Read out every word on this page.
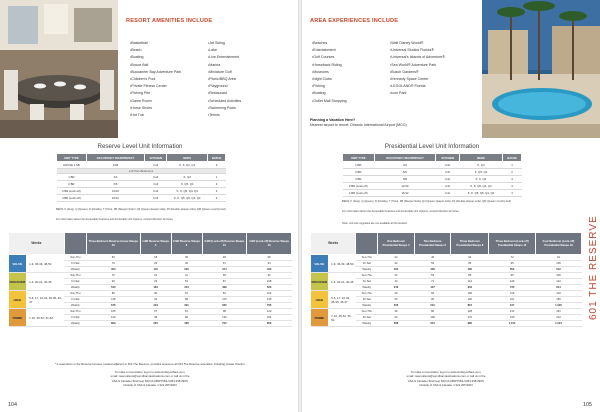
RESORT AMENITIES INCLUDE
• Basketball
• Beach
• Boating
• Bocce Ball
• Buccaneer Bay Adventure Park
• Children's Pool
• Private Fitness Center
• Fishing Pier
• Game Room
• Horse Shoes
• Hot Tub
• Jet Skiing
• Lake
• Live Entertainment
• Marina
• Miniature Golf
• Picnic/BBQ Area
• Playground
• Restaurant
• Scheduled Activities
• Swimming Pools
• Tennis
Reserve Level Unit Information
UNIT TYPE	OCCUPANCY MAX/PRIVACY	KITCHEN	BEDS	BATHS
HOUSE 1 SB	10/8	Full	K, K, Q1, Q1	3
Loft Plus Bedrooms				
1 BR	4/4	Full	K, Q4	1
2 BR	6/6	Full	K, Q5, Q4	2
3 BR (Lock-off)	12/10	Full	K, K, Q5, Q4, Q4	3
4 BR (Lock-off)	16/12	Full	K, K, Q5, Q5, Q4, Q4	4
BEDS: K (King), Q (Queen), D (Double), T (Twin), SB (Sleeper Sofa) / Q4 (Queen sleeper sofa), P2 (Double sleeper sofa), QM (Queen murphy bed)
For information about the Accessible Features and Accessible Unit Options, contact Member Services.
Weeks			Three Bedroom Reserve House Sleeps 10	1 BR Reserve Sleeps 4	2 BR Reserve Sleeps 6	3 BR (Lock-off) Reserve Sleeps 12	4 BR (Lock-off) Reserve Sleeps 16
VALUE	1-9, 36-39, 48-50	Sun-Thu	53	18	30	48	66
		Fri-Sat	70	25	40	67	94
		Weekly	403	140	236	374	493
DISCOVER	1-4, 20-21, 40-45	Sun-Thu	70	24	41	65	92
		Fri-Sat	93	33	54	87	108
		Weekly	540	184	313	499	526
HIGH	5-6, 17, 22-34, 35-35, 46-47	Sun-Thu	89	30	51	81	102
		Fri-Sat	118	42	68	110	136
		Weekly	676	234	391	625	795
PRIME	7-16, 25-52, 51-52	Sun-Thu	105	37	61	98	120
		Fri-Sat	140	48	82	130	164
		Weekly	809	281	468	752	950
* A reservation in the Reserve Houses, located adjacent to 601 The Reserve, provides access to all 601 The Reserve amenities, including private checkin.
To make a reservation, log-in to www.clubwyndham.com,
email: reservations@wyndhamdestinations.com or call us in the
USA & Canada (Toll-Free) 844-CLUBWYNDH (844.258.2997)
Outside of USA & Canada: 1.321.205.5203
104
AREA EXPERIENCES INCLUDE
• Beaches
• Entertainment
• Golf Courses
• Horseback Riding
• Museums
• Night Clubs
• Fishing
• Boating
• Outlet Mall Shopping
• Walt Disney World®
• Universal Studios Florida®
• Universal's Islands of Adventure®
• Sea World® Adventure Park
• Busch Gardens®
• Kennedy Space Center
• LEGOLAND® Florida
• Icon Park
Planning a Vacation Here?
Nearest airport to resort: Orlando International Airport (MCO)
Presidential Level Unit Information
UNIT TYPE	OCCUPANCY MAX/PRIVACY	KITCHEN	BEDS	BATHS
1 BR	4/4	Full	K, Q4	1
2 BR	6/6	Full	K, Q5, Q4	2
3 BR	8/8	Full	K, K, Q4	3
3 BR (Lock-off)	12/10	Full	K, K, Q5, Q4, Q4	3
4 BR (Lock-off)	16/12	Full	K, K, Q5, Q5, Q4, Q4	4
BEDS: K (King), Q (Queen), D (Double), T (Twin), SB (Sleeper Sofa), Q4 (Queen sleeper sofa), P2 (Double sleeper sofa), QM (Queen murphy bed)
For information about the Accessible Features and Accessible Unit Options, contact Member Services.
Note: unit-size upgrades are not available at this location
Weeks			One Bedroom Presidential Sleeps 4	Two Bedroom Presidential Sleeps 6	Three Bedroom Presidential Sleeps 8	Three Bedroom (Lock-off) Presidential Sleeps 12	Four Bedroom (Lock-off) Presidential Sleeps 16
VALUE	1-9, 36-39, 48-50	Sun-Thu	24	40	64	72	91
		Fri-Sat	32	53	85	95	106
		Weekly	184	306	490	552	612
DISCOVER	1-4, 20-21, 40-45	Sun-Thu	32	53	85	95	106
		Fri-Sat	43	71	114	129	142
		Weekly	246	407	653	735	814
HIGH	5-6, 17, 22-34, 35-35, 46-47	Sun-Thu	40	66	106	119	132
		Fri-Sat	53	90	140	161	180
		Weekly	306	510	816	917	1,020
PRIME	7-16, 25-52, 51-52	Sun-Thu	49	80	128	143	161
		Fri-Sat	64	106	170	190	212
		Weekly	368	612	980	1,101	1,224
To make a reservation, log-in to www.clubwyndham.com,
email: reservations@wyndhamdestinations.com or call us in the
USA & Canada (Toll-Free) 844-CLUBWYNDH (844.258.2997)
Outside of USA & Canada: 1.321.205.5203
601 THE RESERVE
105
